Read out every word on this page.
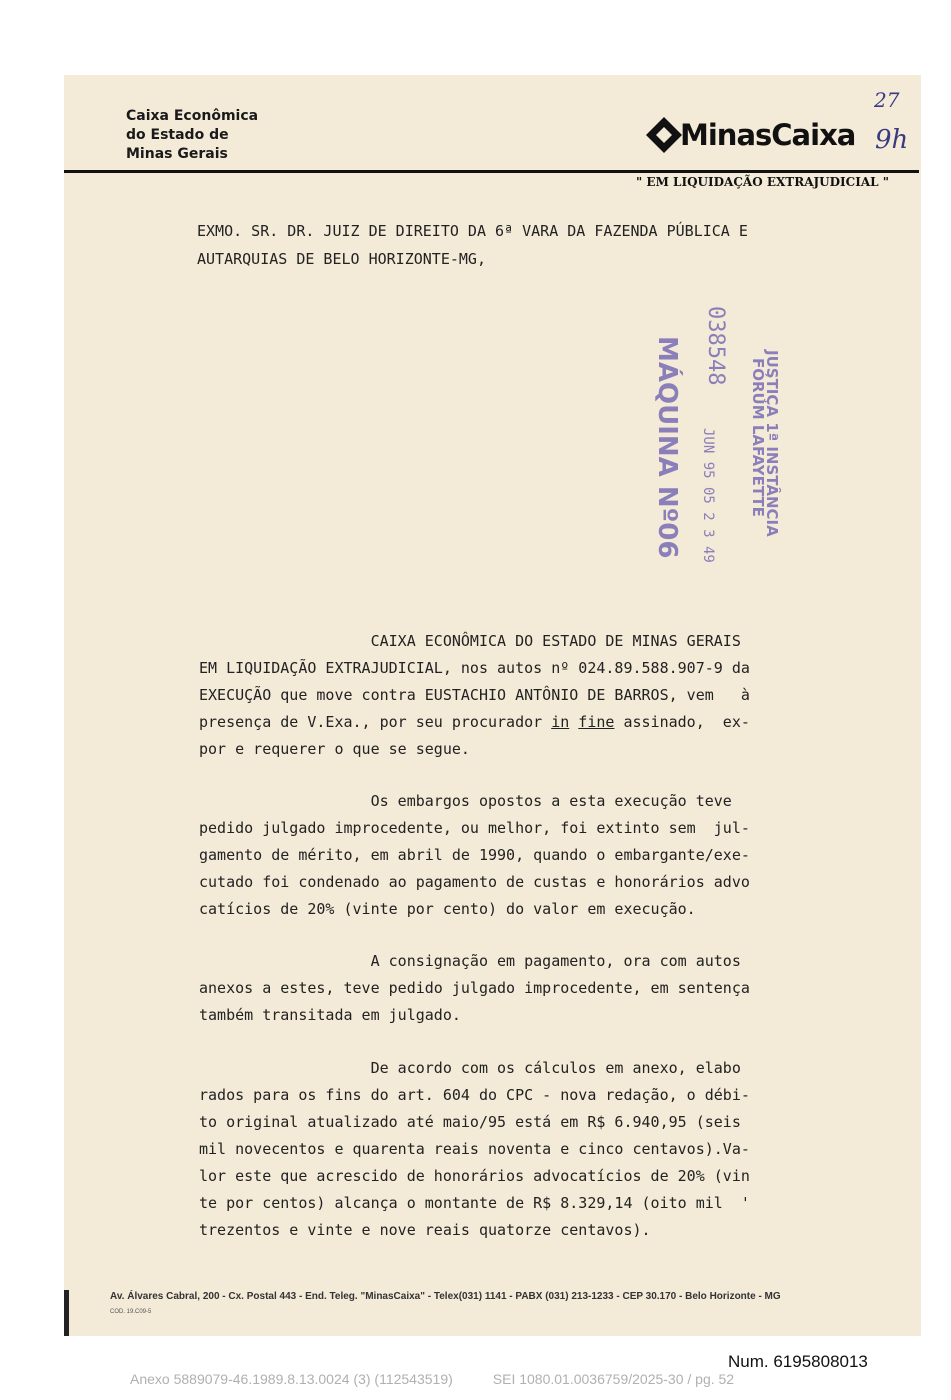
Caixa Econômica
do Estado de
Minas Gerais
MinasCaixa
27
9h
" EM LIQUIDAÇÃO EXTRAJUDICIAL "
EXMO. SR. DR. JUIZ DE DIREITO DA 6ª VARA DA FAZENDA PÚBLICA E
AUTARQUIAS DE BELO HORIZONTE-MG,
038548
JUSTIÇA 1ª INSTÂNCIA
FÓRUM LAFAYETTE
JUN 95 05 2 3 49
MÁQUINA Nº06
CAIXA ECONÔMICA DO ESTADO DE MINAS GERAIS
EM LIQUIDAÇÃO EXTRAJUDICIAL, nos autos nº 024.89.588.907-9 da
EXECUÇÃO que move contra EUSTACHIO ANTÔNIO DE BARROS, vem   à
presença de V.Exa., por seu procurador in fine assinado,  ex-
por e requerer o que se segue.
Os embargos opostos a esta execução teve
pedido julgado improcedente, ou melhor, foi extinto sem  jul-
gamento de mérito, em abril de 1990, quando o embargante/exe-
cutado foi condenado ao pagamento de custas e honorários advo
catícios de 20% (vinte por cento) do valor em execução.
A consignação em pagamento, ora com autos
anexos a estes, teve pedido julgado improcedente, em sentença
também transitada em julgado.
De acordo com os cálculos em anexo, elabo
rados para os fins do art. 604 do CPC - nova redação, o débi-
to original atualizado até maio/95 está em R$ 6.940,95 (seis
mil novecentos e quarenta reais noventa e cinco centavos).Va-
lor este que acrescido de honorários advocatícios de 20% (vin
te por centos) alcança o montante de R$ 8.329,14 (oito mil  '
trezentos e vinte e nove reais quatorze centavos).
Av. Álvares Cabral, 200 - Cx. Postal 443 - End. Teleg. "MinasCaixa" - Telex(031) 1141 - PABX (031) 213-1233 - CEP 30.170 - Belo Horizonte - MG
COD. 19.C09-5
Num. 6195808013
Anexo 5889079-46.1989.8.13.0024 (3) (112543519)	SEI 1080.01.0036759/2025-30 / pg. 52
